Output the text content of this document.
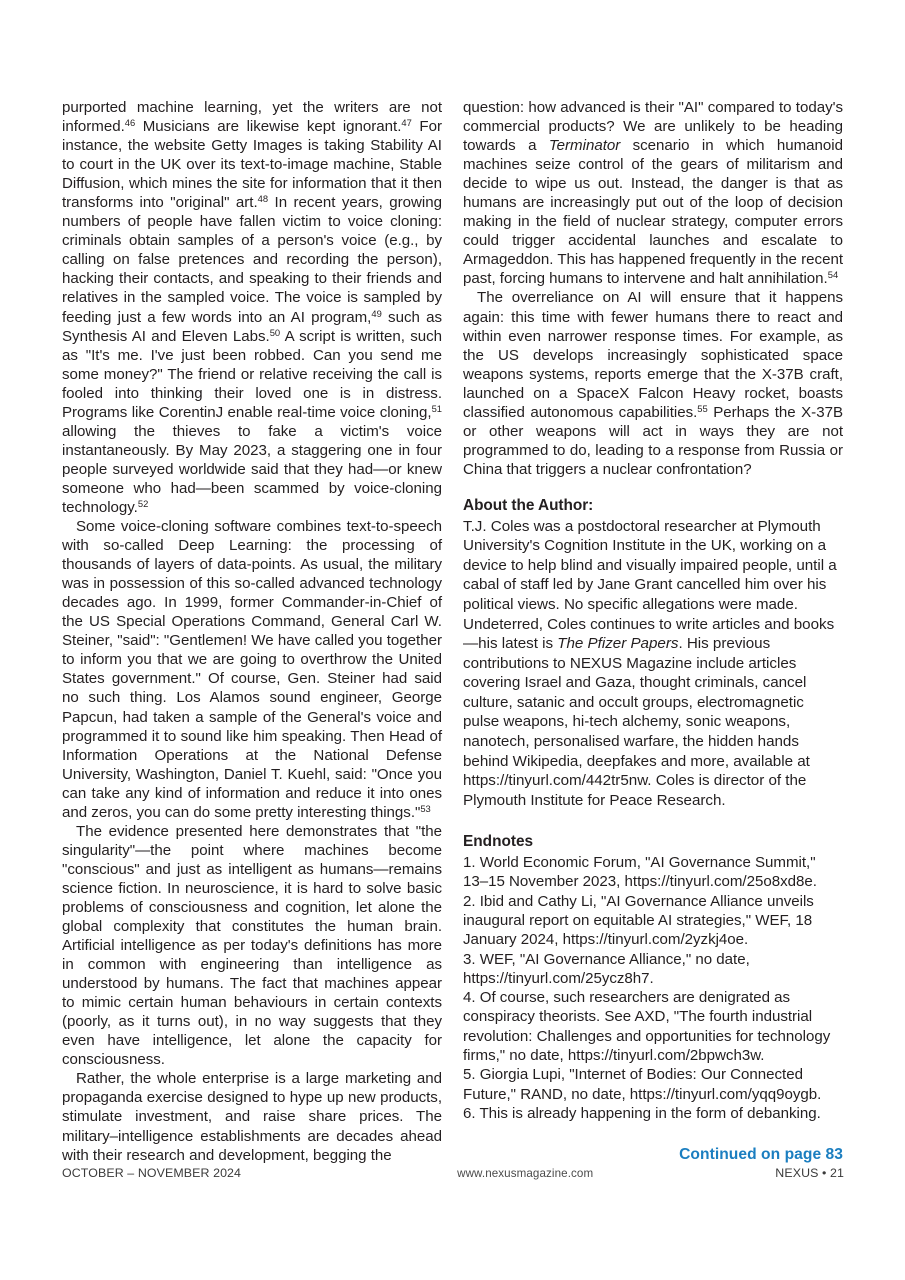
purported machine learning, yet the writers are not informed.$^{46}$ Musicians are likewise kept ignorant.$^{47}$ For instance, the website Getty Images is taking Stability AI to court in the UK over its text-to-image machine, Stable Diffusion, which mines the site for information that it then transforms into "original" art.$^{48}$ In recent years, growing numbers of people have fallen victim to voice cloning: criminals obtain samples of a person's voice (e.g., by calling on false pretences and recording the person), hacking their contacts, and speaking to their friends and relatives in the sampled voice. The voice is sampled by feeding just a few words into an AI program,$^{49}$ such as Synthesis AI and Eleven Labs.$^{50}$ A script is written, such as "It's me. I've just been robbed. Can you send me some money?" The friend or relative receiving the call is fooled into thinking their loved one is in distress. Programs like CorentinJ enable real-time voice cloning,$^{51}$ allowing the thieves to fake a victim's voice instantaneously. By May 2023, a staggering one in four people surveyed worldwide said that they had—or knew someone who had—been scammed by voice-cloning technology.$^{52}$

Some voice-cloning software combines text-to-speech with so-called Deep Learning: the processing of thousands of layers of data-points. As usual, the military was in possession of this so-called advanced technology decades ago. In 1999, former Commander-in-Chief of the US Special Operations Command, General Carl W. Steiner, "said": "Gentlemen! We have called you together to inform you that we are going to overthrow the United States government." Of course, Gen. Steiner had said no such thing. Los Alamos sound engineer, George Papcun, had taken a sample of the General's voice and programmed it to sound like him speaking. Then Head of Information Operations at the National Defense University, Washington, Daniel T. Kuehl, said: "Once you can take any kind of information and reduce it into ones and zeros, you can do some pretty interesting things."$^{53}$

The evidence presented here demonstrates that "the singularity"—the point where machines become "conscious" and just as intelligent as humans—remains science fiction. In neuroscience, it is hard to solve basic problems of consciousness and cognition, let alone the global complexity that constitutes the human brain. Artificial intelligence as per today's definitions has more in common with engineering than intelligence as understood by humans. The fact that machines appear to mimic certain human behaviours in certain contexts (poorly, as it turns out), in no way suggests that they even have intelligence, let alone the capacity for consciousness.

Rather, the whole enterprise is a large marketing and propaganda exercise designed to hype up new products, stimulate investment, and raise share prices. The military–intelligence establishments are decades ahead with their research and development, begging the

question: how advanced is their "AI" compared to today's commercial products? We are unlikely to be heading towards a Terminator scenario in which humanoid machines seize control of the gears of militarism and decide to wipe us out. Instead, the danger is that as humans are increasingly put out of the loop of decision making in the field of nuclear strategy, computer errors could trigger accidental launches and escalate to Armageddon. This has happened frequently in the recent past, forcing humans to intervene and halt annihilation.$^{54}$

The overreliance on AI will ensure that it happens again: this time with fewer humans there to react and within even narrower response times. For example, as the US develops increasingly sophisticated space weapons systems, reports emerge that the X-37B craft, launched on a SpaceX Falcon Heavy rocket, boasts classified autonomous capabilities.$^{55}$ Perhaps the X-37B or other weapons will act in ways they are not programmed to do, leading to a response from Russia or China that triggers a nuclear confrontation?

About the Author:

T.J. Coles was a postdoctoral researcher at Plymouth University's Cognition Institute in the UK, working on a device to help blind and visually impaired people, until a cabal of staff led by Jane Grant cancelled him over his political views. No specific allegations were made. Undeterred, Coles continues to write articles and books—his latest is The Pfizer Papers. His previous contributions to NEXUS Magazine include articles covering Israel and Gaza, thought criminals, cancel culture, satanic and occult groups, electromagnetic pulse weapons, hi-tech alchemy, sonic weapons, nanotech, personalised warfare, the hidden hands behind Wikipedia, deepfakes and more, available at https://tinyurl.com/442tr5nw. Coles is director of the Plymouth Institute for Peace Research.

Endnotes

1. World Economic Forum, "AI Governance Summit," 13–15 November 2023, https://tinyurl.com/25o8xd8e.

2. Ibid and Cathy Li, "AI Governance Alliance unveils inaugural report on equitable AI strategies," WEF, 18 January 2024, https://tinyurl.com/2yzkj4oe.

3. WEF, "AI Governance Alliance," no date, https://tinyurl.com/25ycz8h7.

4. Of course, such researchers are denigrated as conspiracy theorists. See AXD, "The fourth industrial revolution: Challenges and opportunities for technology firms," no date, https://tinyurl.com/2bpwch3w.

5. Giorgia Lupi, "Internet of Bodies: Our Connected Future," RAND, no date, https://tinyurl.com/yqq9oygb.

6. This is already happening in the form of debanking.

Continued on page 83
OCTOBER – NOVEMBER 2024	www.nexusmagazine.com	NEXUS • 21
